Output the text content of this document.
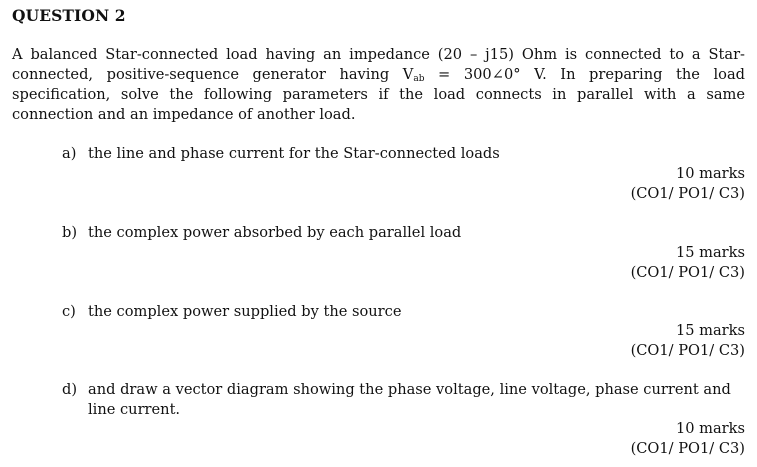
QUESTION 2
A balanced Star-connected load having an impedance (20 – j15) Ohm is connected to a Star-connected, positive-sequence generator having $V_{ab}$ = 300∠0° V. In preparing the load specification, solve the following parameters if the load connects in parallel with a same connection and an impedance of another load.
a) the line and phase current for the Star-connected loads
10 marks
(CO1/ PO1/ C3)
b) the complex power absorbed by each parallel load
15 marks
(CO1/ PO1/ C3)
c) the complex power supplied by the source
15 marks
(CO1/ PO1/ C3)
d) and draw a vector diagram showing the phase voltage, line voltage, phase current and line current.
10 marks
(CO1/ PO1/ C3)
